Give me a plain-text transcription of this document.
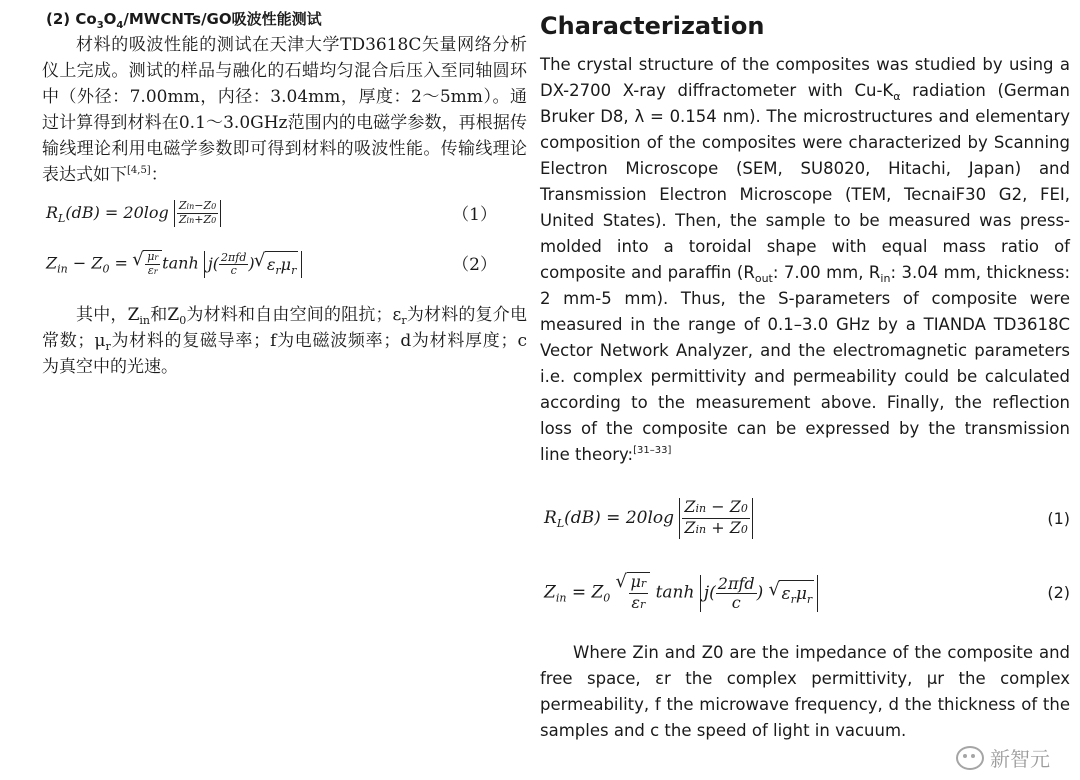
(2) $Co_3O_4/MWCNTs/GO$吸波性能测试

材料的吸波性能的测试在天津大学TD3618C矢量网络分析仪上完成。测试的样品与融化的石蜡均匀混合后压入至同轴圆环中（外径：7.00mm，内径：3.04mm，厚度：2～5mm）。通过计算得到材料在0.1～3.0GHz范围内的电磁学参数，再根据传输线理论利用电磁学参数即可得到材料的吸波性能。传输线理论表达式如下[4,5]：

$R_L(dB) = 20\log \frac{\text{Zin−Z0}}{\text{Zin+Z0}}$	（1）
$Z_{in} - Z_0$ = √ $\frac{\mu r}{\varepsilon r}$ $\tanh j( \frac{\text{2πfd}}{c}$ )  √ $\varepsilon_r\mu_r$	（2）

其中，$Z_{in}$和$Z_0$为材料和自由空间的阻抗；$\varepsilon_r$为材料的复介电常数；$\mu_r$为材料的复磁导率；f为电磁波频率；d为材料厚度；c为真空中的光速。

Characterization

The crystal structure of the composites was studied by using a DX-2700 X-ray diffractometer with $Cu-K_\alpha$ radiation (German Bruker D8, λ = 0.154 nm). The microstructures and elementary composition of the composites were characterized by Scanning Electron Microscope (SEM, SU8020, Hitachi, Japan) and Transmission Electron Microscope (TEM, TecnaiF30 G2, FEI, United States). Then, the sample to be measured was press-molded into a toroidal shape with equal mass ratio of composite and paraffin ($R_{out}$: 7.00 mm, $R_{in}$: 3.04 mm, thickness: 2 mm-5 mm). Thus, the S-parameters of composite were measured in the range of 0.1–3.0 GHz by a TIANDA TD3618C Vector Network Analyzer, and the electromagnetic parameters i.e. complex permittivity and permeability could be calculated according to the measurement above. Finally, the reflection loss of the composite can be expressed by the transmission line theory:[31–33]

$R_L(dB) = 20\log \frac{\text{Zin − Z0}}{\text{Zin + Z0}}$	(1)
$Z_{in} = Z_0$ √ $\frac{\mu r}{\varepsilon r}$ $\tanh j( \frac{\text{2πfd}}{c}$ )   √ $\varepsilon_r\mu_r$	(2)

Where Zin and Z0 are the impedance of the composite and free space, εr the complex permittivity, μr the complex permeability, f the microwave frequency, d the thickness of the samples and c the speed of light in vacuum.

新智元
